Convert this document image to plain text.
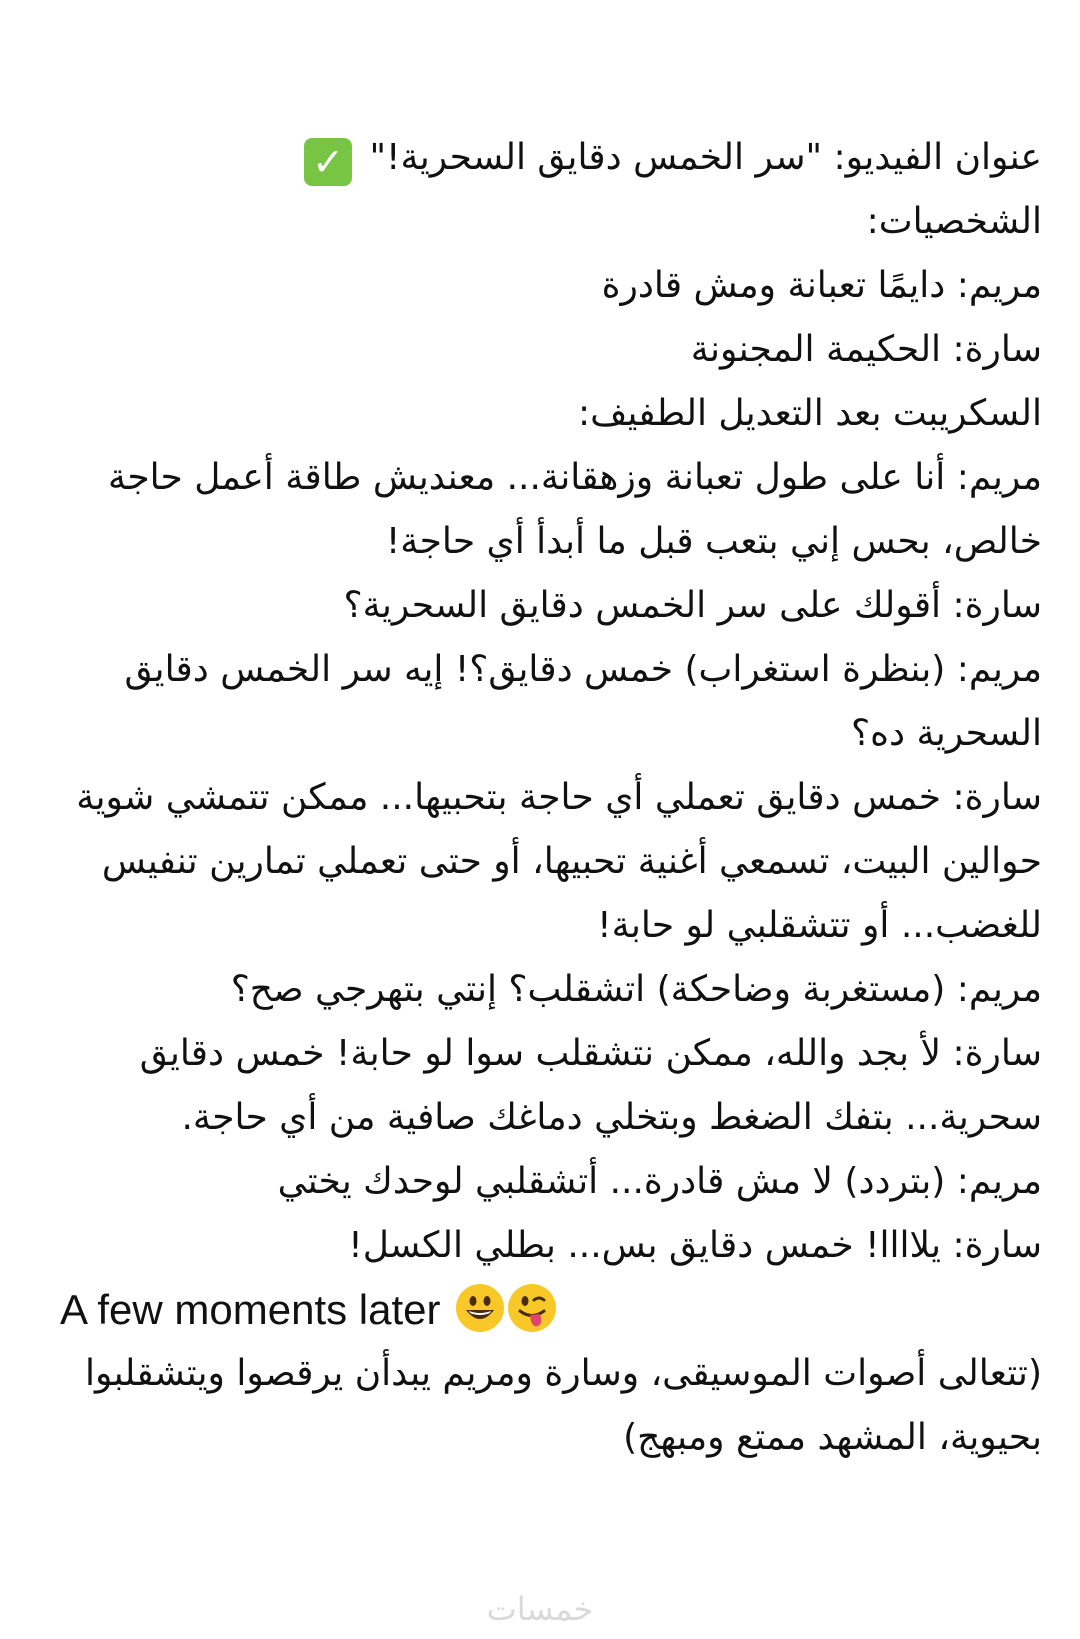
عنوان الفيديو: "سر الخمس دقايق السحرية!" ✓
الشخصيات:
مريم: دايمًا تعبانة ومش قادرة
سارة: الحكيمة المجنونة
السكريبت بعد التعديل الطفيف:
مريم: أنا على طول تعبانة وزهقانة... معنديش طاقة أعمل حاجة خالص، بحس إني بتعب قبل ما أبدأ أي حاجة!
سارة: أقولك على سر الخمس دقايق السحرية؟
مريم: (بنظرة استغراب) خمس دقايق؟! إيه سر الخمس دقايق السحرية ده؟
سارة: خمس دقايق تعملي أي حاجة بتحبيها... ممكن تتمشي شوية حوالين البيت، تسمعي أغنية تحبيها، أو حتى تعملي تمارين تنفيس للغضب... أو تتشقلبي لو حابة!
مريم: (مستغربة وضاحكة) اتشقلب؟ إنتي بتهرجي صح؟
سارة: لأ بجد والله، ممكن نتشقلب سوا لو حابة! خمس دقايق سحرية... بتفك الضغط وبتخلي دماغك صافية من أي حاجة.
مريم: (بتردد) لا مش قادرة... أتشقلبي لوحدك يختي
سارة: يلاااا! خمس دقايق بس... بطلي الكسل!
A few moments later
(تتعالى أصوات الموسيقى، وسارة ومريم يبدأن يرقصوا ويتشقلبوا بحيوية، المشهد ممتع ومبهج)
خمسات
